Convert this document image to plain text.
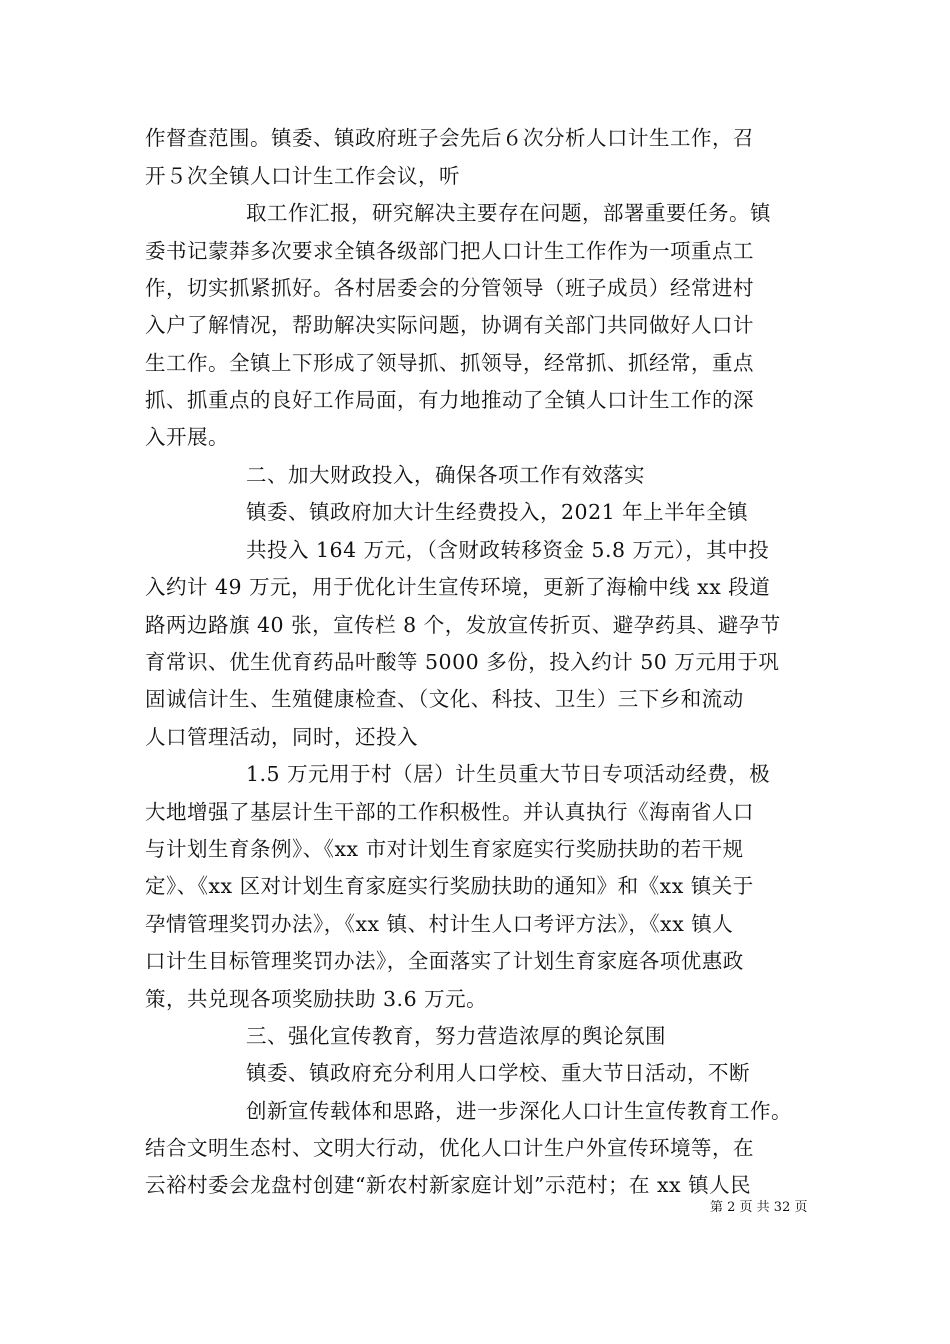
作督查范围。镇委、镇政府班子会先后６次分析人口计生工作，召
开５次全镇人口计生工作会议，听
取工作汇报，研究解决主要存在问题，部署重要任务。镇
委书记蒙莽多次要求全镇各级部门把人口计生工作作为一项重点工
作，切实抓紧抓好。各村居委会的分管领导（班子成员）经常进村
入户了解情况，帮助解决实际问题，协调有关部门共同做好人口计
生工作。全镇上下形成了领导抓、抓领导，经常抓、抓经常，重点
抓、抓重点的良好工作局面，有力地推动了全镇人口计生工作的深
入开展。
二、加大财政投入，确保各项工作有效落实
镇委、镇政府加大计生经费投入，2021 年上半年全镇
共投入 164 万元，（含财政转移资金 5.8 万元），其中投
入约计 49 万元，用于优化计生宣传环境，更新了海榆中线 xx 段道
路两边路旗 40 张，宣传栏 8 个，发放宣传折页、避孕药具、避孕节
育常识、优生优育药品叶酸等 5000 多份，投入约计 50 万元用于巩
固诚信计生、生殖健康检查、（文化、科技、卫生）三下乡和流动
人口管理活动，同时，还投入
1.5 万元用于村（居）计生员重大节日专项活动经费，极
大地增强了基层计生干部的工作积极性。并认真执行《海南省人口
与计划生育条例》、《xx 市对计划生育家庭实行奖励扶助的若干规
定》、《xx 区对计划生育家庭实行奖励扶助的通知》和《xx 镇关于
孕情管理奖罚办法》，《xx 镇、村计生人口考评方法》，《xx 镇人
口计生目标管理奖罚办法》，全面落实了计划生育家庭各项优惠政
策，共兑现各项奖励扶助 3.6 万元。
三、强化宣传教育，努力营造浓厚的舆论氛围
镇委、镇政府充分利用人口学校、重大节日活动，不断
创新宣传载体和思路，进一步深化人口计生宣传教育工作。
结合文明生态村、文明大行动，优化人口计生户外宣传环境等，在
云裕村委会龙盘村创建“新农村新家庭计划”示范村；在 xx 镇人民
第 2 页 共 32 页
